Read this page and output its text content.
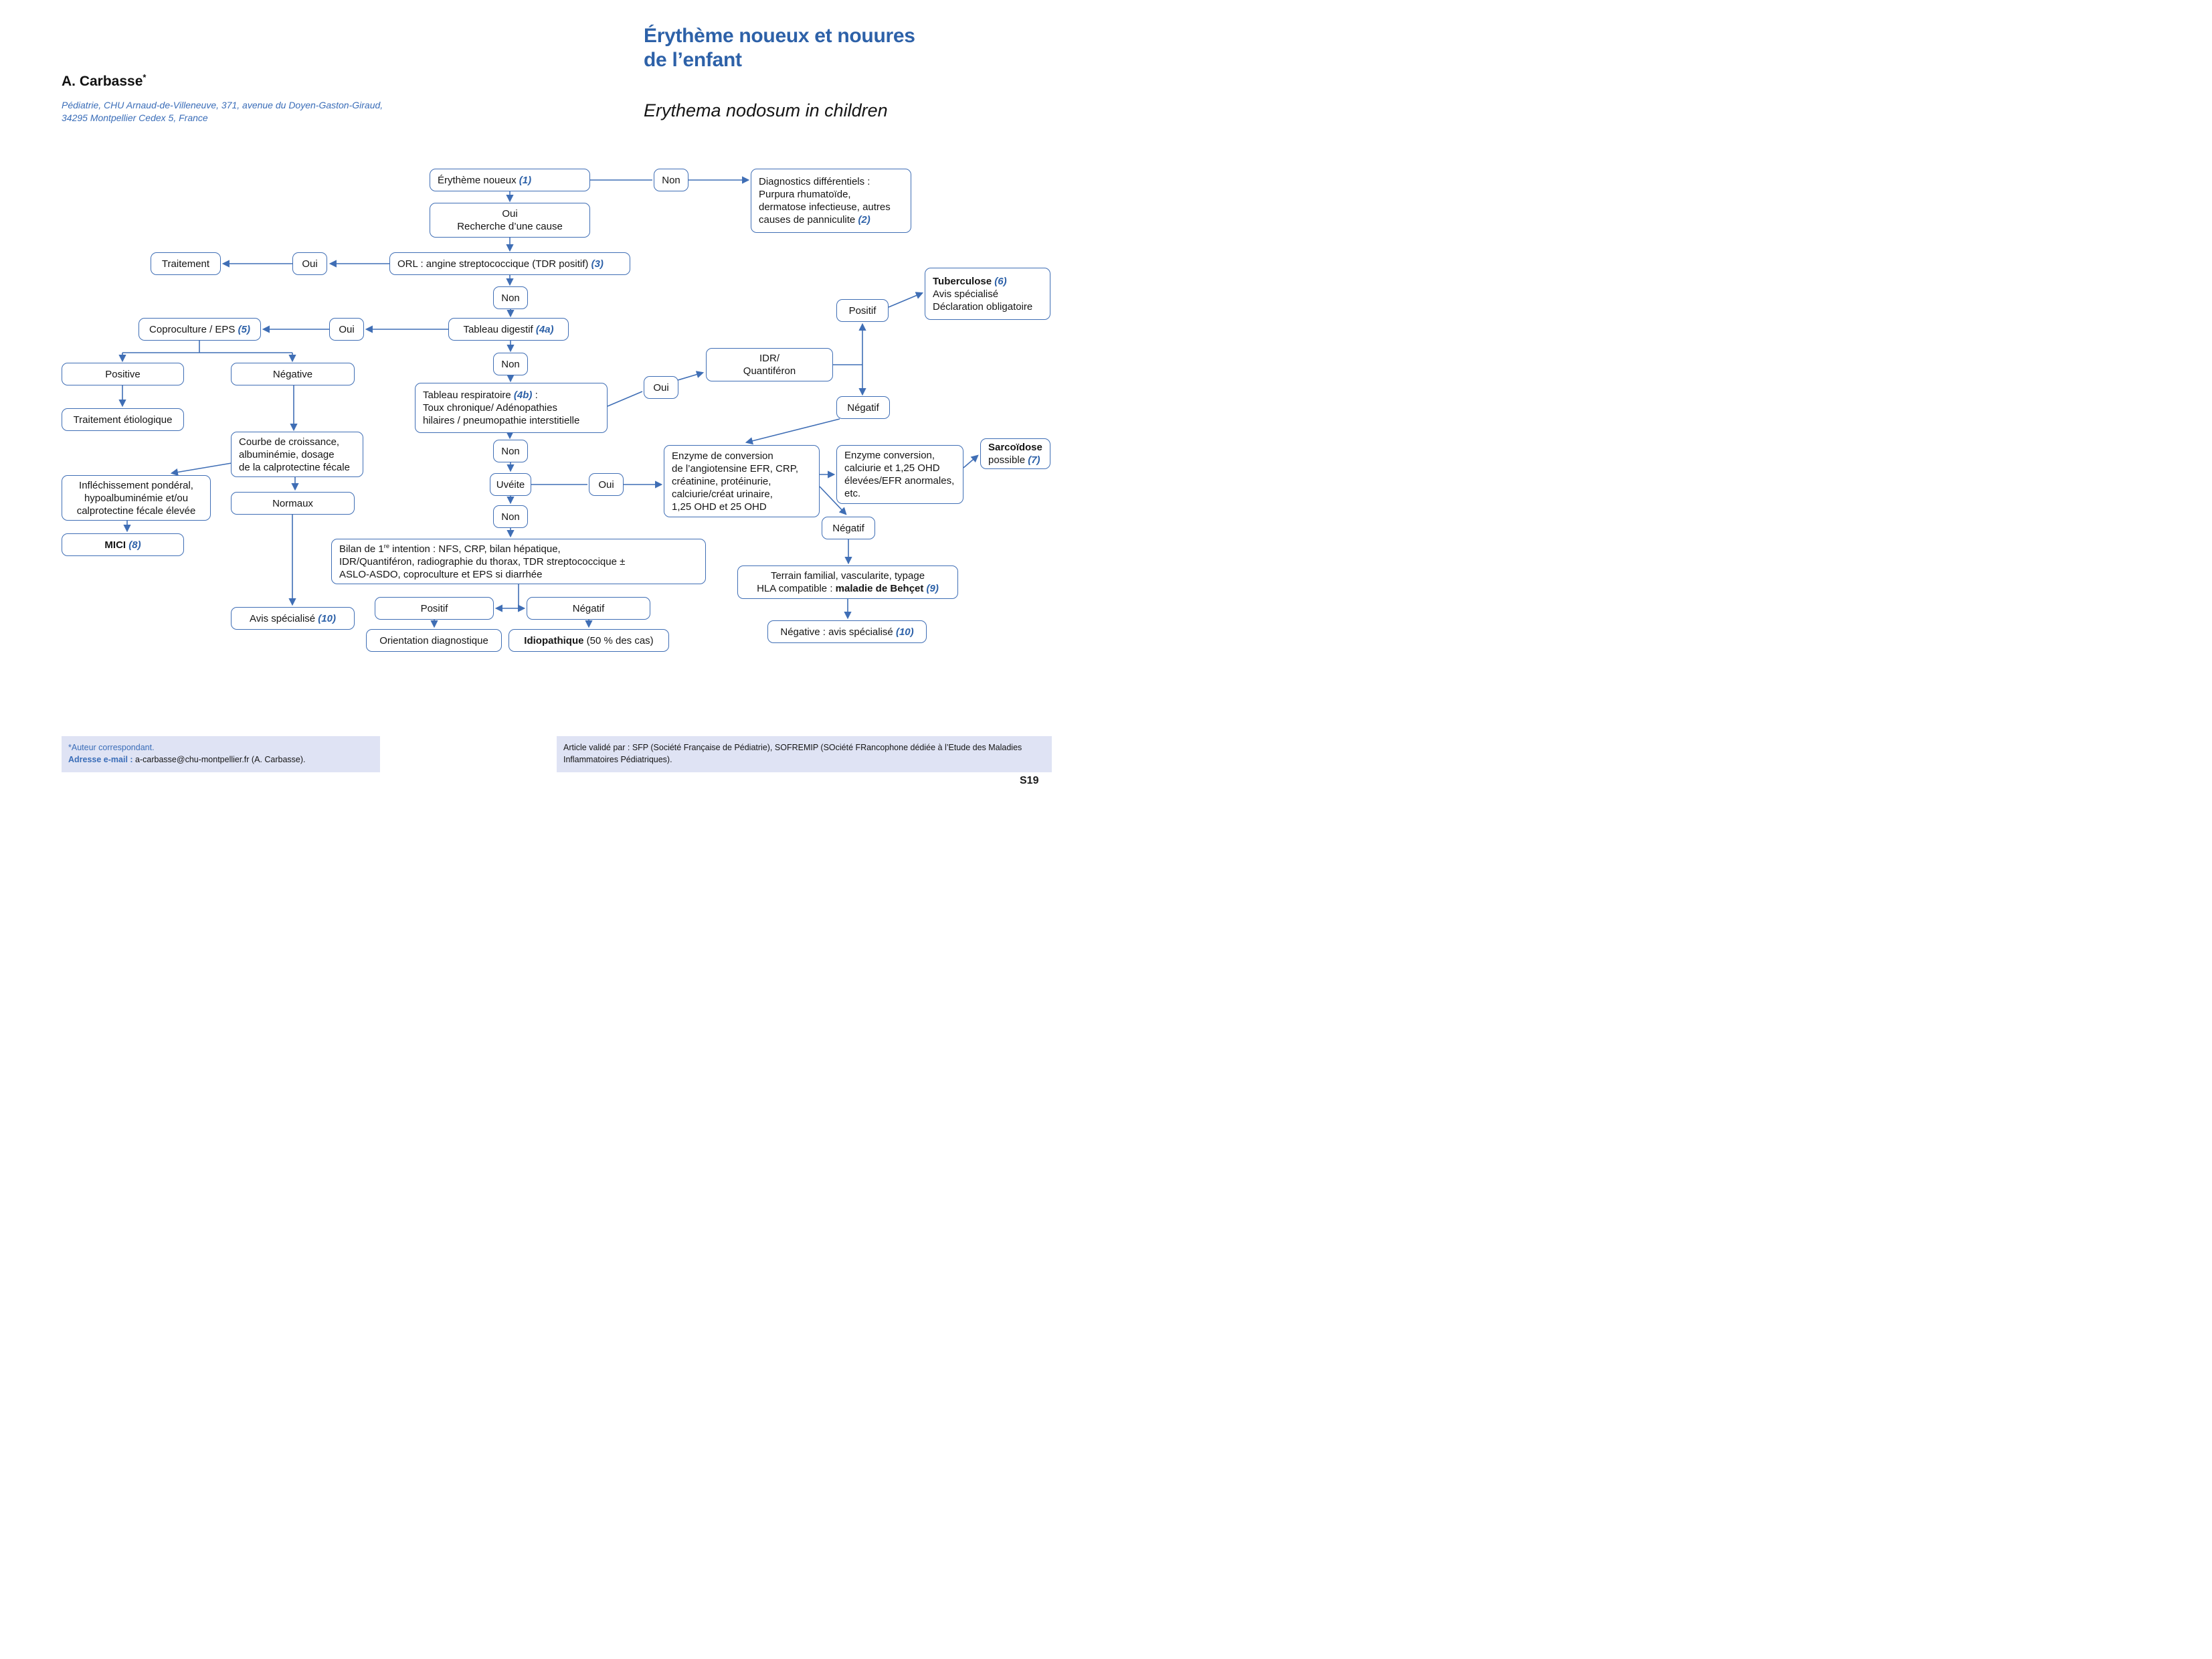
A. Carbasse*
Pédiatrie, CHU Arnaud-de-Villeneuve, 371, avenue du Doyen-Gaston-Giraud,
34295 Montpellier Cedex 5, France
Érythème noueux et nouures
de l’enfant
Erythema nodosum in children
Érythème noueux (1)	Non	Diagnostics différentiels :
Purpura rhumatoïde,
dermatose infectieuse, autres
causes de panniculite (2)
Oui
Recherche d’une cause
Traitement	Oui	ORL : angine streptococcique (TDR positif) (3)
Non
Coproculture / EPS (5)	Oui	Tableau digestif (4a)
Non
Positive	Négative
Traitement étiologique
Tableau respiratoire (4b) :
Toux chronique/ Adénopathies
hilaires / pneumopathie interstitielle
Oui
IDR/
Quantiféron
Positif
Tuberculose (6)
Avis spécialisé
Déclaration obligatoire
Négatif
Courbe de croissance,
albuminémie, dosage
de la calprotectine fécale
Infléchissement pondéral,
hypoalbuminémie et/ou
calprotectine fécale élevée
Normaux
MICI (8)
Non
Uvéite	Oui
Enzyme de conversion
de l’angiotensine EFR, CRP,
créatinine, protéinurie,
calciurie/créat urinaire,
1,25 OHD et 25 OHD
Enzyme conversion,
calciurie et 1,25 OHD
élevées/EFR anormales,
etc.
Sarcoïdose
possible (7)
Négatif
Non
Bilan de 1re intention : NFS, CRP, bilan hépatique,
IDR/Quantiféron, radiographie du thorax, TDR streptococcique ±
ASLO-ASDO, coproculture et EPS si diarrhée	Terrain familial, vascularite, typage
HLA compatible : maladie de Behçet (9)
Positif	Négatif
Avis spécialisé (10)
Orientation diagnostique	Idiopathique (50 % des cas)
Négative : avis spécialisé (10)
*Auteur correspondant.
Adresse e-mail : a-carbasse@chu-montpellier.fr (A. Carbasse).
Article validé par : SFP (Société Française de Pédiatrie), SOFREMIP (SOciété FRancophone dédiée à l’Etude des Maladies Inflammatoires Pédiatriques).
S19
